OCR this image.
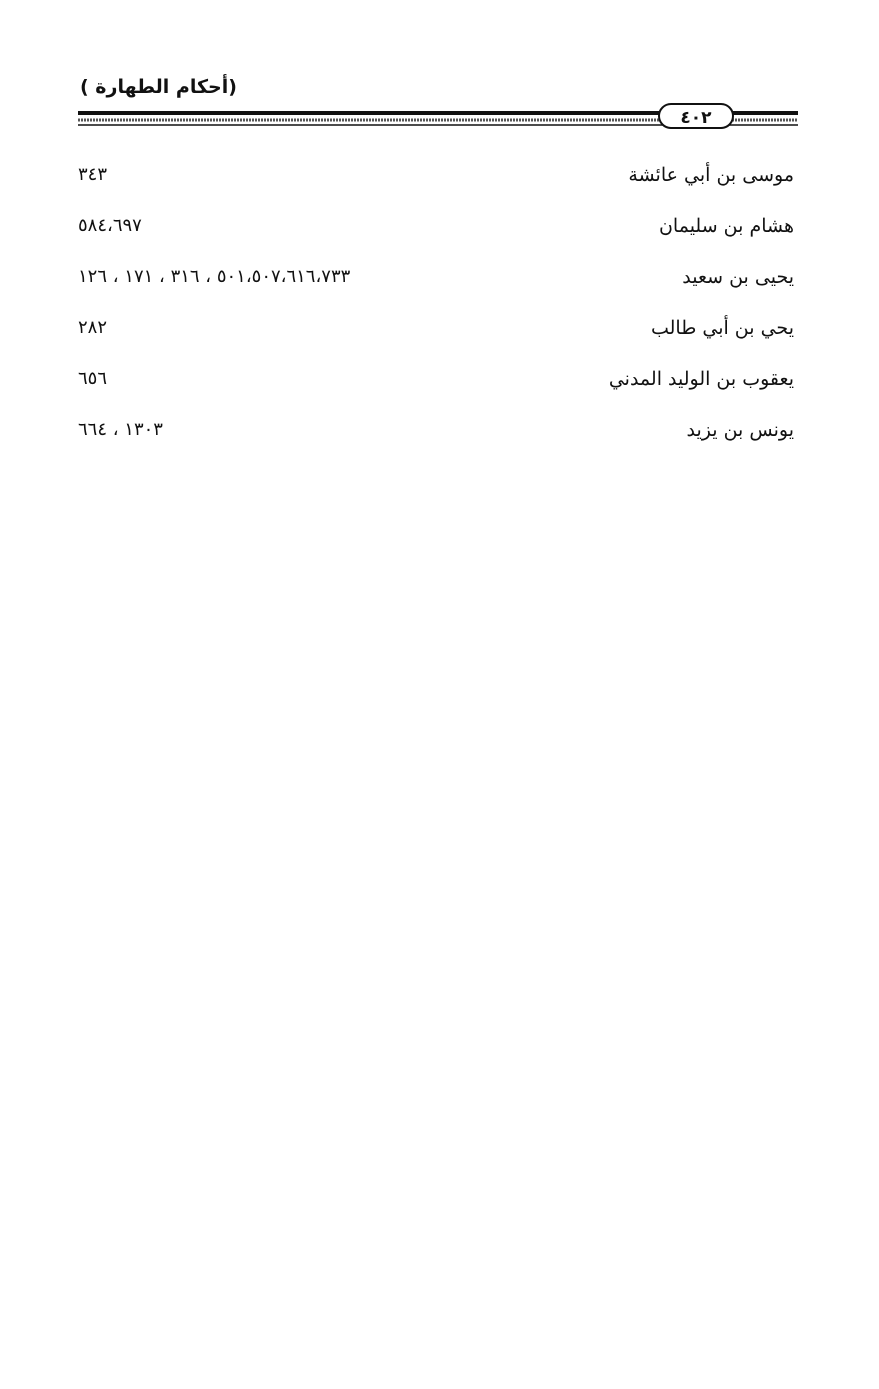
(أحكام الطهارة )
٤٠٢
موسى بن أبي عائشة
٣٤٣
هشام بن سليمان
٥٨٤،٦٩٧
يحيى بن سعيد
٥٠١،٥٠٧،٦١٦،٧٣٣ ، ٣١٦ ، ١٧١ ، ١٢٦
يحي بن أبي طالب
٢٨٢
يعقوب بن الوليد المدني
٦٥٦
يونس بن يزيد
١٣٠٣ ، ٦٦٤
